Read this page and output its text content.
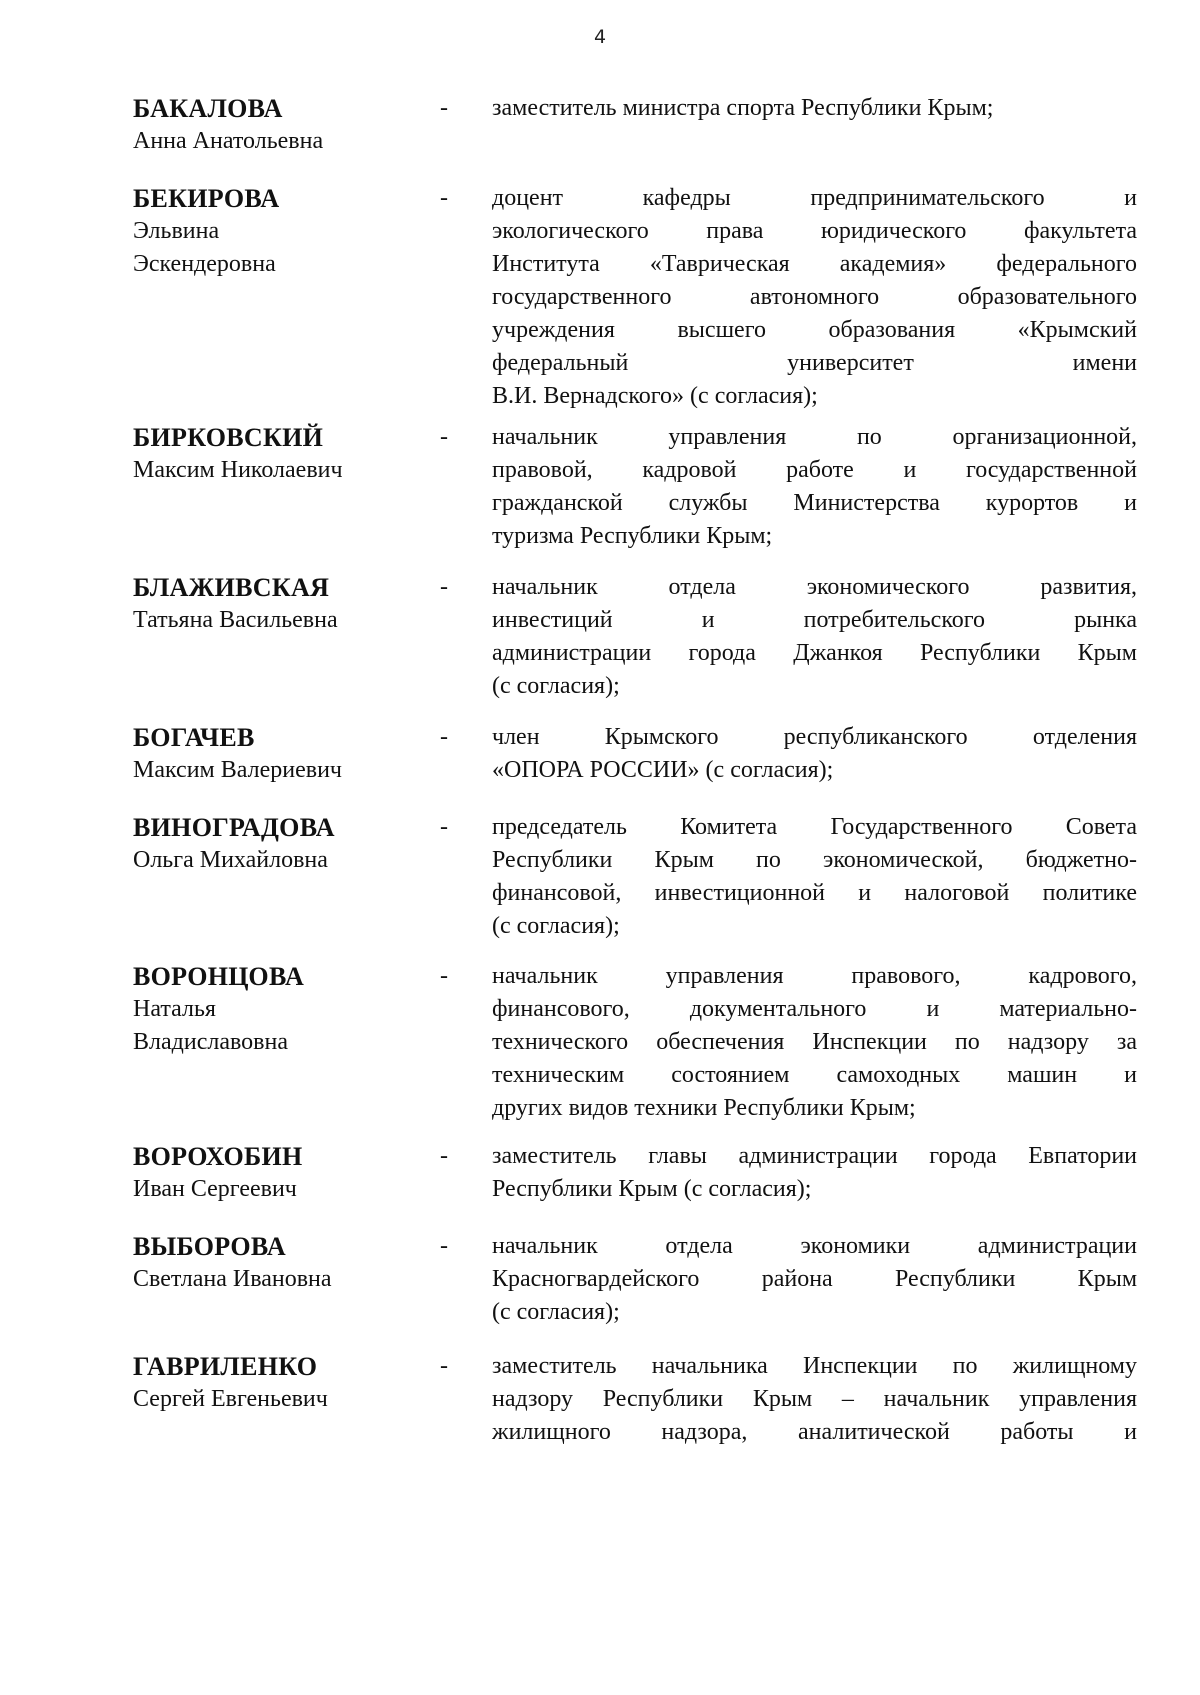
4
БАКАЛОВА
Анна Анатольевна
- заместитель министра спорта Республики Крым;
БЕКИРОВА
Эльвина
Эскендеровна
- доцент кафедры предпринимательского и
экологического права юридического факультета
Института «Таврическая академия» федерального
государственного автономного образовательного
учреждения высшего образования «Крымский
федеральный университет имени
В.И. Вернадского» (с согласия);
БИРКОВСКИЙ
Максим Николаевич
- начальник управления по организационной,
правовой, кадровой работе и государственной
гражданской службы Министерства курортов и
туризма Республики Крым;
БЛАЖИВСКАЯ
Татьяна Васильевна
- начальник отдела экономического развития,
инвестиций и потребительского рынка
администрации города Джанкоя Республики Крым
(с согласия);
БОГАЧЕВ
Максим Валериевич
- член Крымского республиканского отделения
«ОПОРА РОССИИ» (с согласия);
ВИНОГРАДОВА
Ольга Михайловна
- председатель Комитета Государственного Совета
Республики Крым по экономической, бюджетно-
финансовой, инвестиционной и налоговой политике
(с согласия);
ВОРОНЦОВА
Наталья
Владиславовна
- начальник управления правового, кадрового,
финансового, документального и материально-
технического обеспечения Инспекции по надзору за
техническим состоянием самоходных машин и
других видов техники Республики Крым;
ВОРОХОБИН
Иван Сергеевич
- заместитель главы администрации города Евпатории
Республики Крым (с согласия);
ВЫБОРОВА
Светлана Ивановна
- начальник отдела экономики администрации
Красногвардейского района Республики Крым
(с согласия);
ГАВРИЛЕНКО
Сергей Евгеньевич
- заместитель начальника Инспекции по жилищному
надзору Республики Крым – начальник управления
жилищного надзора, аналитической работы и
